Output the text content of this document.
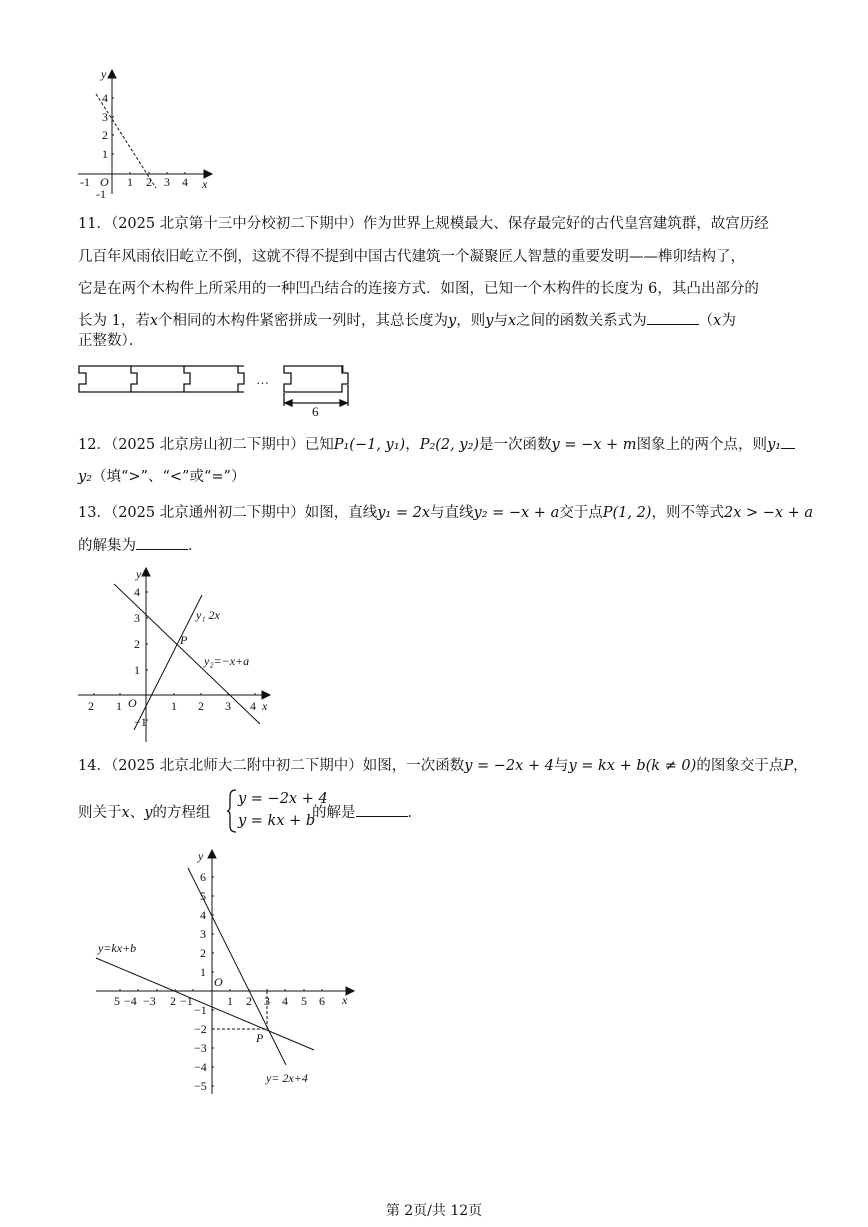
y
x
O
-1	1 2 3 4
-1
1
2
3
4
11．（2025 北京第十三中分校初二下期中）作为世界上规模最大、保存最完好的古代皇宫建筑群，故宫历经
几百年风雨依旧屹立不倒，这就不得不提到中国古代建筑一个凝聚匠人智慧的重要发明——榫卯结构了，
它是在两个木构件上所采用的一种凹凸结合的连接方式．如图，已知一个木构件的长度为 6，其凸出部分的
长为 1，若x个相同的木构件紧密拼成一列时，其总长度为y，则y与x之间的函数关系式为	（x为
正整数）．
…
6
1
12．（2025 北京房山初二下期中）已知P₁(−1, y₁)，P₂(2, y₂)是一次函数y = −x + m图象上的两个点，则y₁
y₂（填“>”、“<”或“=”）
13．（2025 北京通州初二下期中）如图，直线y₁ = 2x与直线y₂ = −x + a交于点P(1, 2)，则不等式2x > −x + a
的解集为	．
y
x
O
P
y₁ 2x
y₂=−x+a
2 1	1 2 3 4
4
3
2
1
−1
14．（2025 北京北师大二附中初二下期中）如图，一次函数y = −2x + 4与y = kx + b(k ≠ 0)的图象交于点P，
则关于x、y的方程组
y = −2x + 4
y = kx + b
的解是	．
y
x
O
P
y=kx+b
y= 2x+4
5 −4 −3 2 −1	1 2 3 4 5 6
6
5
4
3
2
1
−1
−2
−3
−4
−5
第 2页/共 12页
